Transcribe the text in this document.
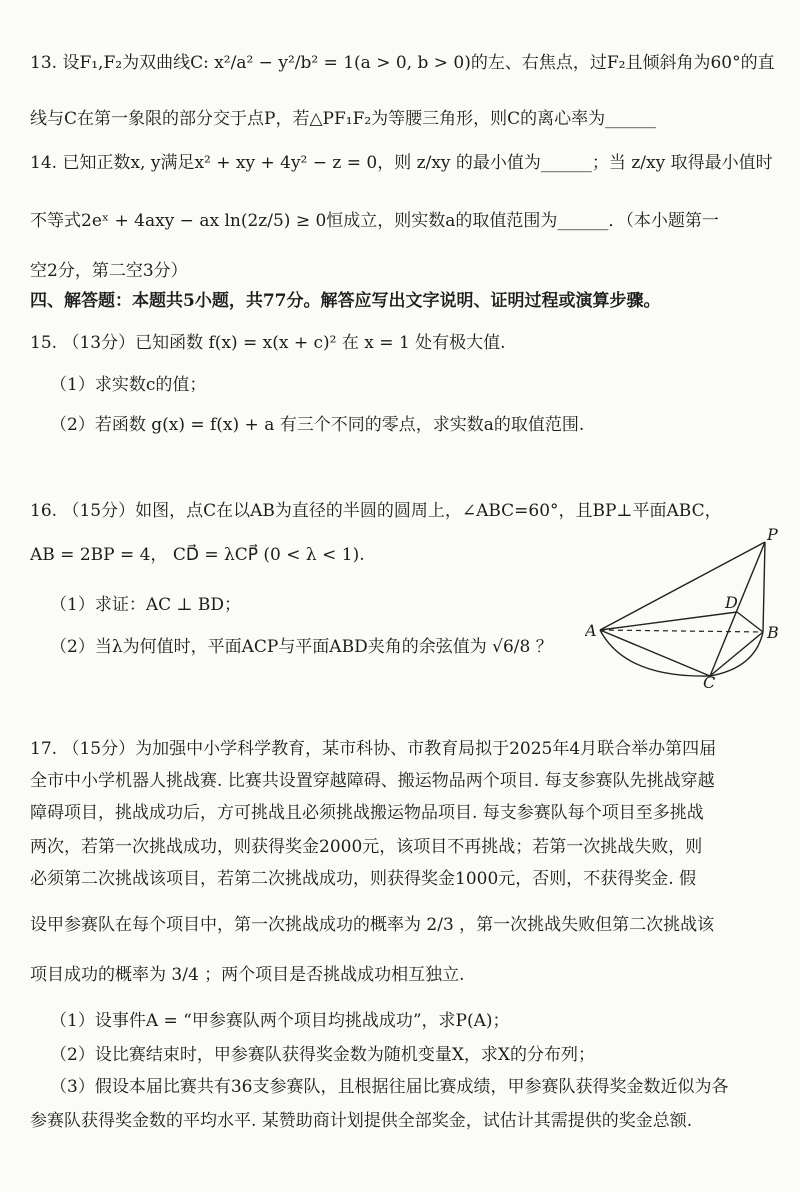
13. 设F₁,F₂为双曲线C: x²/a² − y²/b² = 1(a > 0, b > 0)的左、右焦点，过F₂且倾斜角为60°的直
线与C在第一象限的部分交于点P，若△PF₁F₂为等腰三角形，则C的离心率为______
14. 已知正数x, y满足x² + xy + 4y² − z = 0，则 z/xy 的最小值为______；当 z/xy 取得最小值时
不等式2eˣ + 4axy − ax ln(2z/5) ≥ 0恒成立，则实数a的取值范围为______．（本小题第一
空2分，第二空3分）
四、解答题：本题共5小题，共77分。解答应写出文字说明、证明过程或演算步骤。
15. （13分）已知函数 f(x) = x(x + c)² 在 x = 1 处有极大值.
（1）求实数c的值；
（2）若函数 g(x) = f(x) + a 有三个不同的零点，求实数a的取值范围.
16. （15分）如图，点C在以AB为直径的半圆的圆周上，∠ABC=60°，且BP⊥平面ABC，
AB = 2BP = 4， CD⃗ = λCP⃗ (0 < λ < 1).
（1）求证：AC ⊥ BD；
（2）当λ为何值时，平面ACP与平面ABD夹角的余弦值为 √6/8 ？
P
A	B
C
D
17. （15分）为加强中小学科学教育，某市科协、市教育局拟于2025年4月联合举办第四届
全市中小学机器人挑战赛. 比赛共设置穿越障碍、搬运物品两个项目. 每支参赛队先挑战穿越
障碍项目，挑战成功后，方可挑战且必须挑战搬运物品项目. 每支参赛队每个项目至多挑战
两次，若第一次挑战成功，则获得奖金2000元，该项目不再挑战；若第一次挑战失败，则
必须第二次挑战该项目，若第二次挑战成功，则获得奖金1000元，否则，不获得奖金. 假
设甲参赛队在每个项目中，第一次挑战成功的概率为 2/3 ，第一次挑战失败但第二次挑战该
项目成功的概率为 3/4 ；两个项目是否挑战成功相互独立.
（1）设事件A = “甲参赛队两个项目均挑战成功”，求P(A)；
（2）设比赛结束时，甲参赛队获得奖金数为随机变量X，求X的分布列；
（3）假设本届比赛共有36支参赛队，且根据往届比赛成绩，甲参赛队获得奖金数近似为各
参赛队获得奖金数的平均水平. 某赞助商计划提供全部奖金，试估计其需提供的奖金总额.
